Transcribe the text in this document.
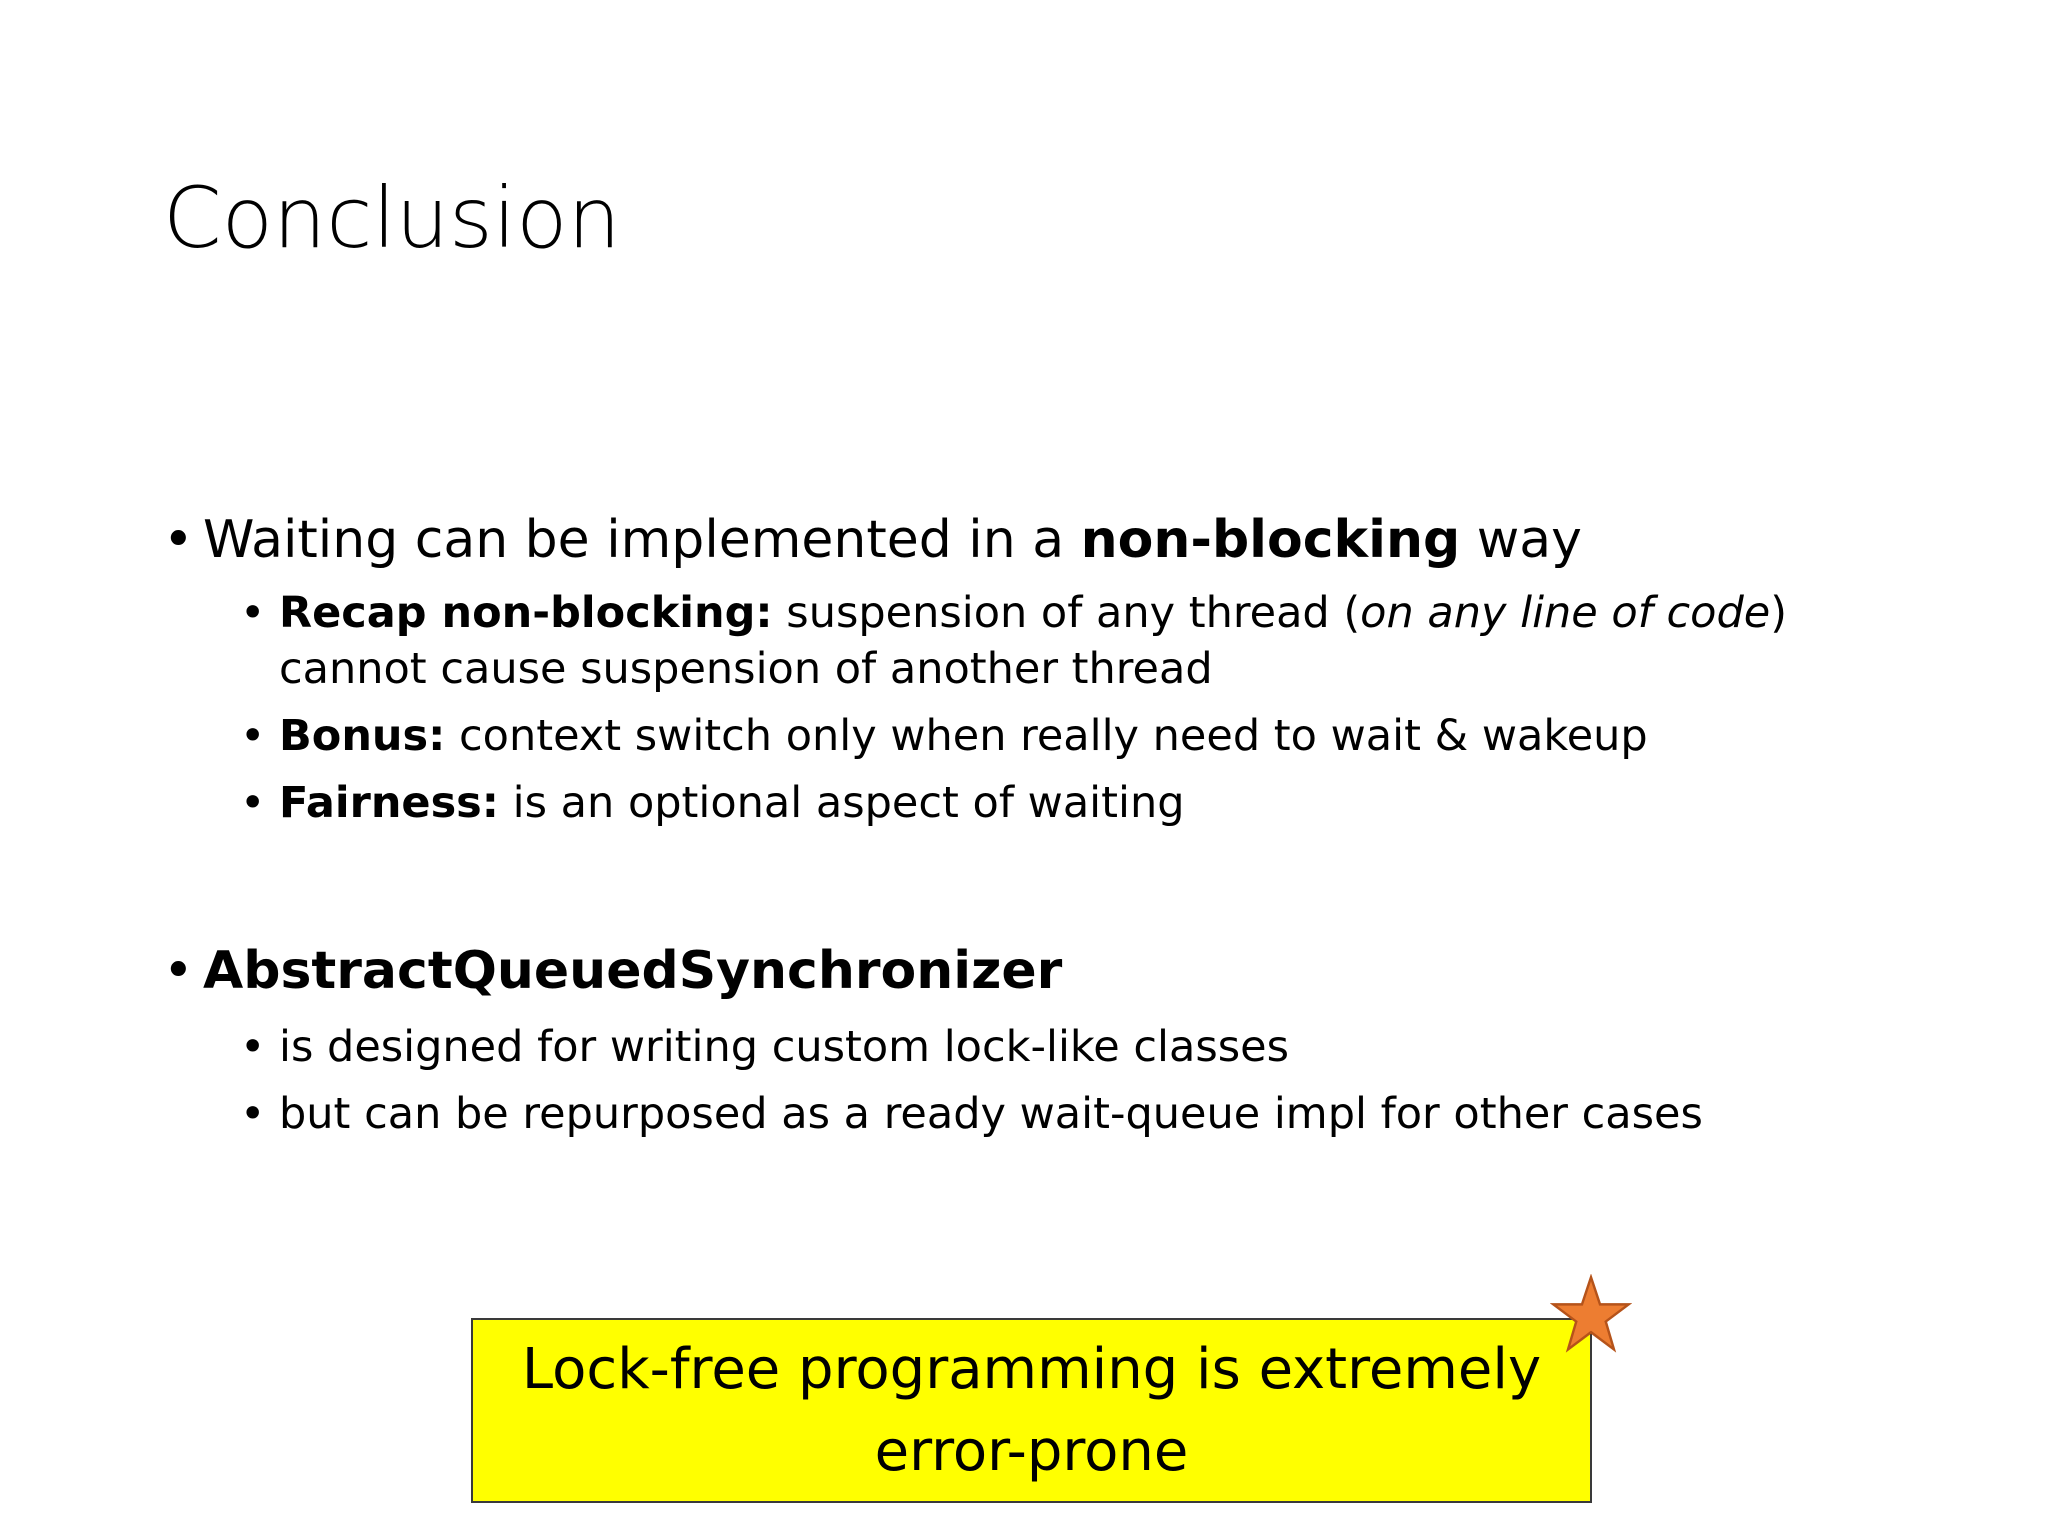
Conclusion
• Waiting can be implemented in a non-blocking way
• Recap non-blocking: suspension of any thread (on any line of code) cannot cause suspension of another thread
• Bonus: context switch only when really need to wait & wakeup
• Fairness: is an optional aspect of waiting
• AbstractQueuedSynchronizer
• is designed for writing custom lock-like classes
• but can be repurposed as a ready wait-queue impl for other cases
Lock-free programming is extremely error-prone
